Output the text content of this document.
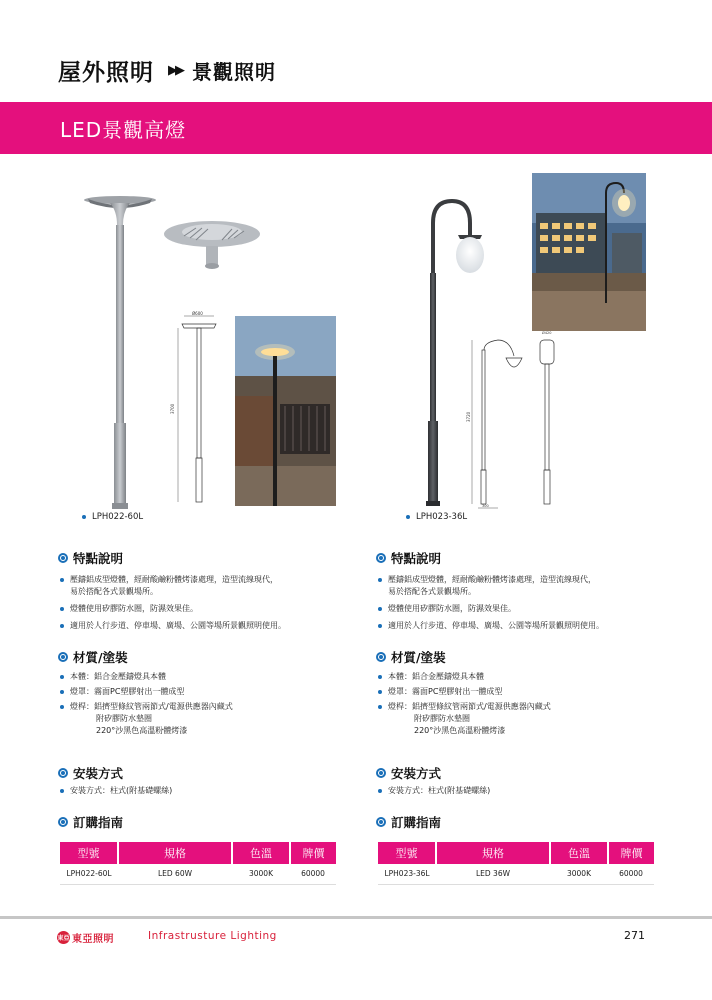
屋外照明 ▶▶ 景觀照明
LED景觀高燈
Ø600
3700
LPH022-60L
3720
300
Ø420
LPH023-36L
特點說明
壓鑄鋁成型燈體，經耐酸鹼粉體烤漆處理，造型流線現代，
易於搭配各式景觀場所。
燈體使用矽膠防水圈，防濕效果佳。
適用於人行步道、停車場、廣場、公園等場所景觀照明使用。
材質/塗裝
本體：鋁合金壓鑄燈具本體
燈罩：霧面PC塑膠射出一體成型
燈桿：鋁擠型條紋管兩節式/電源供應器內藏式
附矽膠防水墊圈
220°沙黑色高溫粉體烤漆
安裝方式
安裝方式：柱式(附基礎螺絲)
訂購指南
型號	規格	色溫	牌價
LPH022-60L	LED 60W	3000K	60000
特點說明
壓鑄鋁成型燈體，經耐酸鹼粉體烤漆處理，造型流線現代，
易於搭配各式景觀場所。
燈體使用矽膠防水圈，防濕效果佳。
適用於人行步道、停車場、廣場、公園等場所景觀照明使用。
材質/塗裝
本體：鋁合金壓鑄燈具本體
燈罩：霧面PC塑膠射出一體成型
燈桿：鋁擠型條紋管兩節式/電源供應器內藏式
附矽膠防水墊圈
220°沙黑色高溫粉體烤漆
安裝方式
安裝方式：柱式(附基礎螺絲)
訂購指南
型號	規格	色溫	牌價
LPH023-36L	LED 36W	3000K	60000
東亞 東亞照明	Infrastrusture Lighting	271
